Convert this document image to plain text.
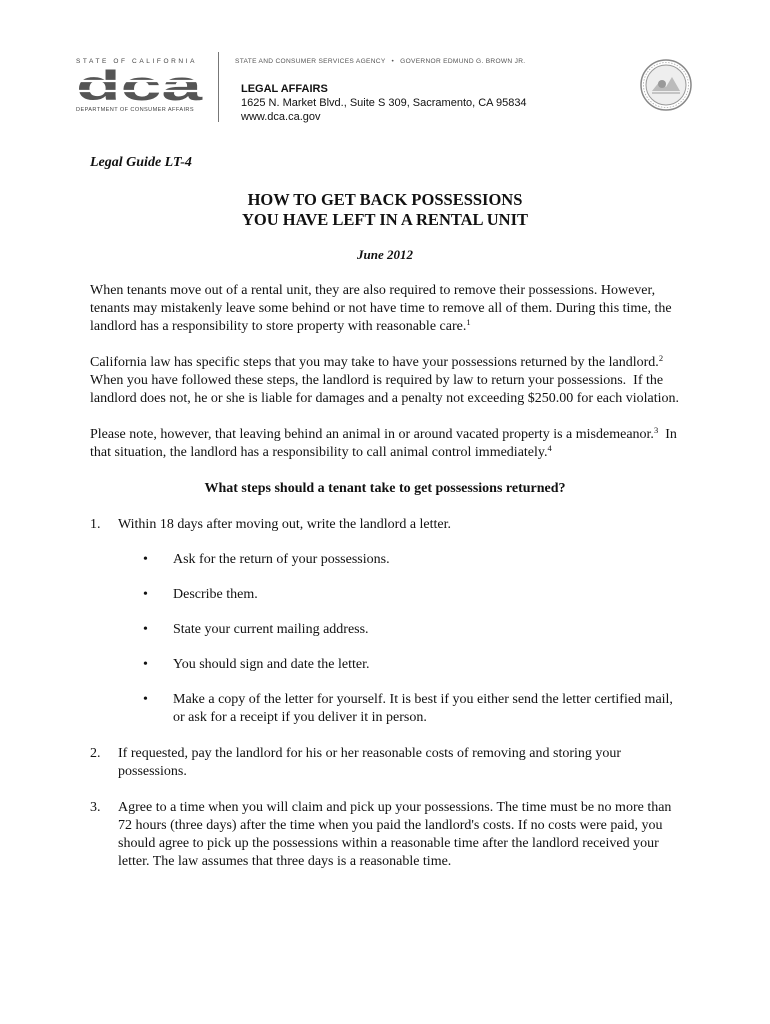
STATE OF CALIFORNIA
dca
DEPARTMENT OF CONSUMER AFFAIRS
STATE AND CONSUMER SERVICES AGENCY • GOVERNOR EDMUND G. BROWN JR.
LEGAL AFFAIRS
1625 N. Market Blvd., Suite S 309, Sacramento, CA 95834
www.dca.ca.gov
Legal Guide LT-4
HOW TO GET BACK POSSESSIONS
YOU HAVE LEFT IN A RENTAL UNIT
June 2012
When tenants move out of a rental unit, they are also required to remove their possessions. However, tenants may mistakenly leave some behind or not have time to remove all of them. During this time, the landlord has a responsibility to store property with reasonable care.$^1$
California law has specific steps that you may take to have your possessions returned by the landlord.$^2$  When you have followed these steps, the landlord is required by law to return your possessions.  If the landlord does not, he or she is liable for damages and a penalty not exceeding $250.00 for each violation.
Please note, however, that leaving behind an animal in or around vacated property is a misdemeanor.$^3$  In that situation, the landlord has a responsibility to call animal control immediately.$^4$
What steps should a tenant take to get possessions returned?
1.	Within 18 days after moving out, write the landlord a letter.
•	Ask for the return of your possessions.
•	Describe them.
•	State your current mailing address.
•	You should sign and date the letter.
•	Make a copy of the letter for yourself. It is best if you either send the letter certified mail, or ask for a receipt if you deliver it in person.
2.	If requested, pay the landlord for his or her reasonable costs of removing and storing your possessions.
3.	Agree to a time when you will claim and pick up your possessions. The time must be no more than 72 hours (three days) after the time when you paid the landlord's costs. If no costs were paid, you should agree to pick up the possessions within a reasonable time after the landlord received your letter. The law assumes that three days is a reasonable time.
